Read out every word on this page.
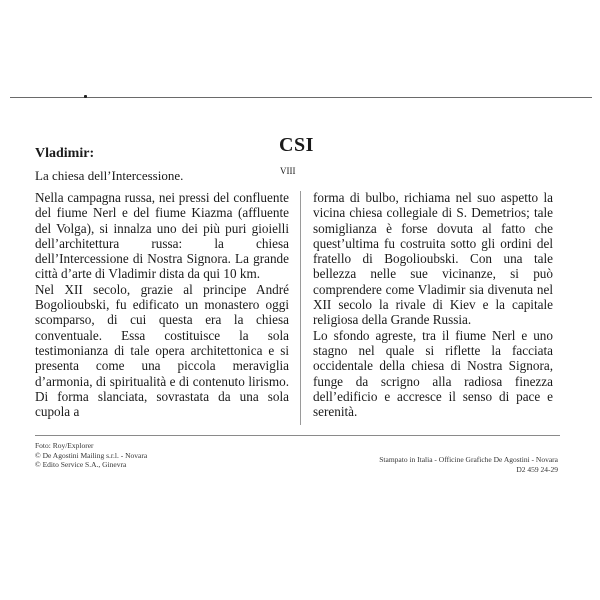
Vladimir:
La chiesa dell’Intercessione.
CSI
VIII

Nella campagna russa, nei pressi del confluente del fiume Nerl e del fiume Kiazma (affluente del Volga), si innalza uno dei più puri gioielli dell’architettura russa: la chiesa dell’Intercessione di Nostra Signora. La grande città d’arte di Vladimir dista da qui 10 km.

Nel XII secolo, grazie al principe André Bogolioubski, fu edificato un monastero oggi scomparso, di cui questa era la chiesa conventuale. Essa costituisce la sola testimonianza di tale opera architettonica e si presenta come una piccola meraviglia d’armonia, di spiritualità e di contenuto lirismo. Di forma slanciata, sovrastata da una sola cupola a

forma di bulbo, richiama nel suo aspetto la vicina chiesa collegiale di S. Demetrios; tale somiglianza è forse dovuta al fatto che quest’ultima fu costruita sotto gli ordini del fratello di Bogolioubski. Con una tale bellezza nelle sue vicinanze, si può comprendere come Vladimir sia divenuta nel XII secolo la rivale di Kiev e la capitale religiosa della Grande Russia.

Lo sfondo agreste, tra il fiume Nerl e uno stagno nel quale si riflette la facciata occidentale della chiesa di Nostra Signora, funge da scrigno alla radiosa finezza dell’edificio e accresce il senso di pace e serenità.

Foto: Roy/Explorer
© De Agostini Mailing s.r.l. - Novara
© Edito Service S.A., Ginevra
Stampato in Italia - Officine Grafiche De Agostini - Novara
D2 459 24-29
